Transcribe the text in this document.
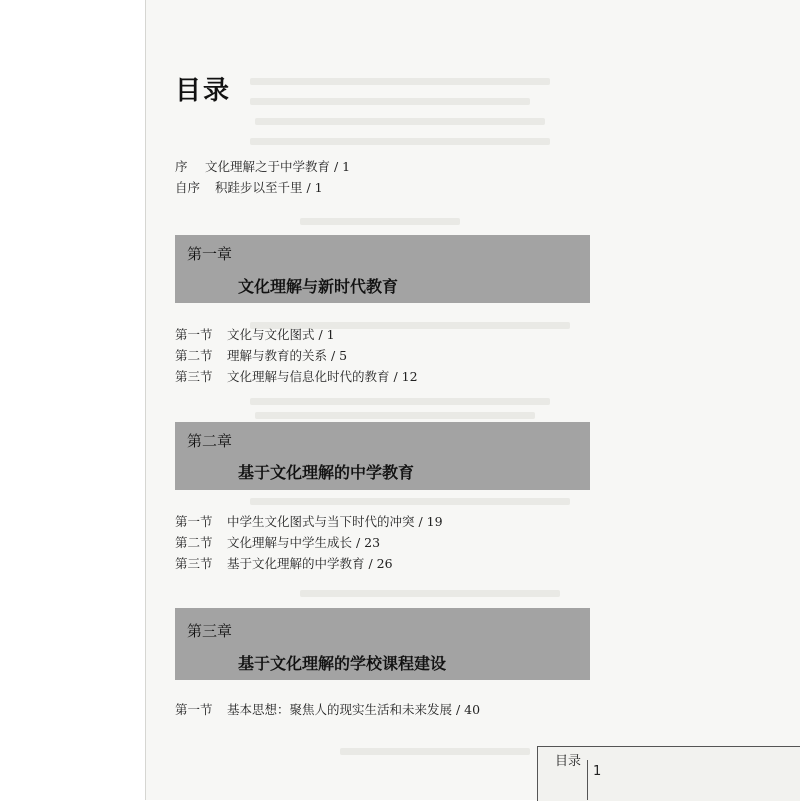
目录
序 文化理解之于中学教育 / 1
自序 积跬步以至千里 / 1
第一章
文化理解与新时代教育
第一节 文化与文化图式 / 1
第二节 理解与教育的关系 / 5
第三节 文化理解与信息化时代的教育 / 12
第二章
基于文化理解的中学教育
第一节 中学生文化图式与当下时代的冲突 / 19
第二节 文化理解与中学生成长 / 23
第三节 基于文化理解的中学教育 / 26
第三章
基于文化理解的学校课程建设
第一节 基本思想：聚焦人的现实生活和未来发展 / 40
目录
1
